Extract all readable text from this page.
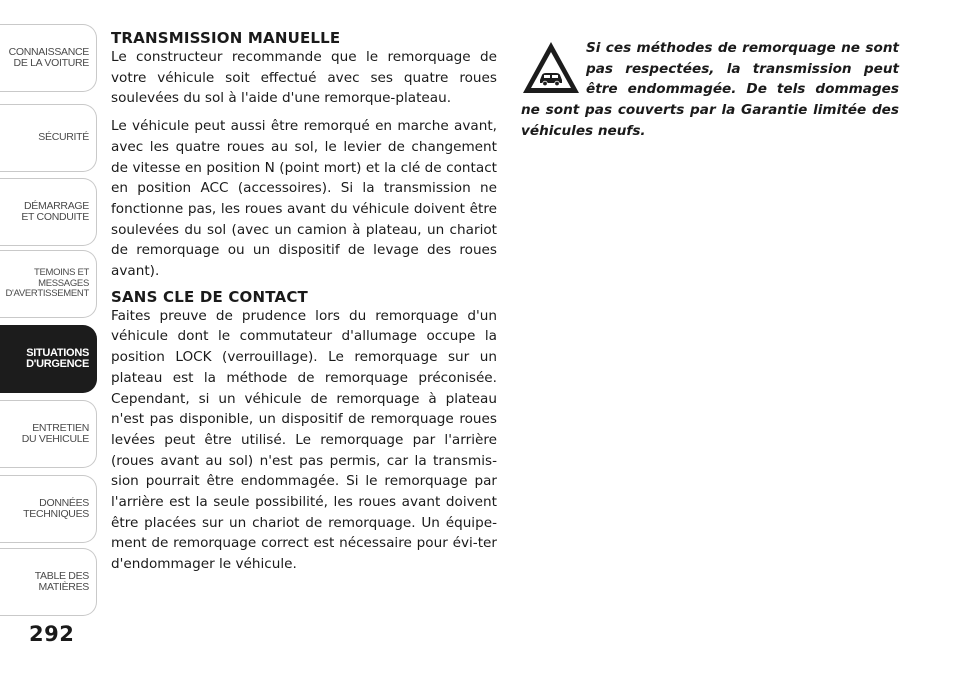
CONNAISSANCE
DE LA VOITURE
SÉCURITÉ
DÉMARRAGE
ET CONDUITE
TEMOINS ET
MESSAGES
D'AVERTISSEMENT
SITUATIONS
D'URGENCE
ENTRETIEN
DU VEHICULE
DONNÉES
TECHNIQUES
TABLE DES
MATIÈRES
292
TRANSMISSION MANUELLE

Le constructeur recommande que le remorquage de votre véhicule soit effectué avec ses quatre roues soulevées du sol à l'aide d'une remorque-plateau.

Le véhicule peut aussi être remorqué en marche avant, avec les quatre roues au sol, le levier de changement de vitesse en position N (point mort) et la clé de contact en position ACC (accessoires). Si la transmission ne fonctionne pas, les roues avant du véhicule doivent être soulevées du sol (avec un camion à plateau, un chariot de remorquage ou un dispositif de levage des roues avant).

SANS CLE DE CONTACT

Faites preuve de prudence lors du remorquage d'un véhicule dont le commutateur d'allumage occupe la position LOCK (verrouillage). Le remorquage sur un plateau est la méthode de remorquage préconisée. Cependant, si un véhicule de remorquage à plateau n'est pas disponible, un dispositif de remorquage roues levées peut être utilisé. Le remorquage par l'arrière (roues avant au sol) n'est pas permis, car la transmis-sion pourrait être endommagée. Si le remorquage par l'arrière est la seule possibilité, les roues avant doivent être placées sur un chariot de remorquage. Un équipe-ment de remorquage correct est nécessaire pour évi-ter d'endommager le véhicule.

Si ces méthodes de remorquage ne sont pas respectées, la transmission peut être endommagée. De tels dommages ne sont pas couverts par la Garantie limitée des véhicules neufs.
